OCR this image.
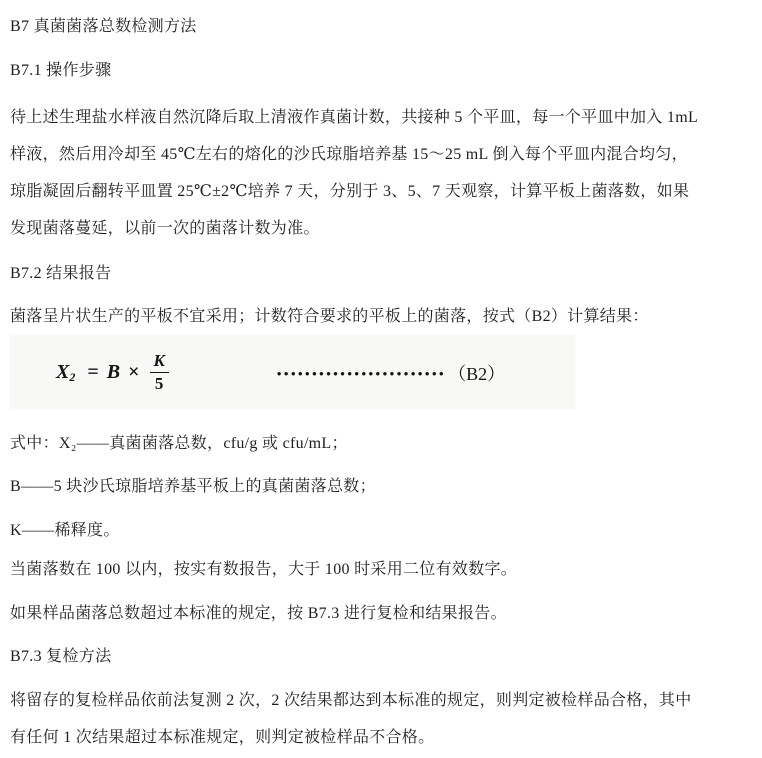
B7 真菌菌落总数检测方法
B7.1 操作步骤
待上述生理盐水样液自然沉降后取上清液作真菌计数，共接种 5 个平皿，每一个平皿中加入 1mL
样液，然后用冷却至 45℃左右的熔化的沙氏琼脂培养基 15～25 mL 倒入每个平皿内混合均匀，
琼脂凝固后翻转平皿置 25℃±2℃培养 7 天，分别于 3、5、7 天观察，计算平板上菌落数，如果
发现菌落蔓延，以前一次的菌落计数为准。
B7.2 结果报告
菌落呈片状生产的平板不宜采用；计数符合要求的平板上的菌落，按式（B2）计算结果：
X $2 = B \times \frac{K}{5}$	•••••••••••••••••••••••• （B2）
式中：X₂——真菌菌落总数，cfu/g 或 cfu/mL；
B——5 块沙氏琼脂培养基平板上的真菌菌落总数；
K——稀释度。
当菌落数在 100 以内，按实有数报告，大于 100 时采用二位有效数字。
如果样品菌落总数超过本标准的规定，按 B7.3 进行复检和结果报告。
B7.3 复检方法
将留存的复检样品依前法复测 2 次，2 次结果都达到本标准的规定，则判定被检样品合格，其中
有任何 1 次结果超过本标准规定，则判定被检样品不合格。
